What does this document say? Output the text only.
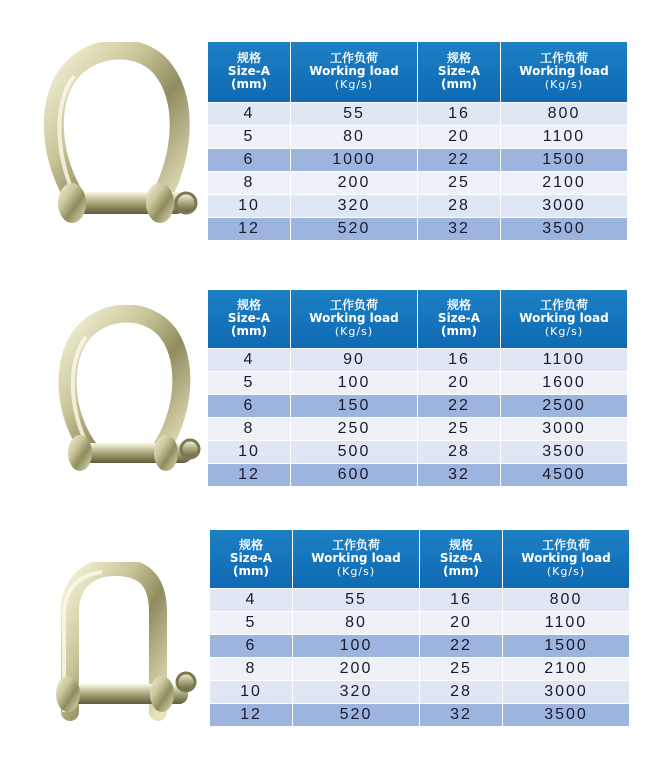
规格
Size-A
(mm)	工作负荷
Working load
(Kg/s)	规格
Size-A
(mm)	工作负荷
Working load
(Kg/s)

4	55	16	800
5	80	20	1100
6	1000	22	1500
8	200	25	2100
10	320	28	3000
12	520	32	3500
规格
Size-A
(mm)	工作负荷
Working load
(Kg/s)	规格
Size-A
(mm)	工作负荷
Working load
(Kg/s)

4	90	16	1100
5	100	20	1600
6	150	22	2500
8	250	25	3000
10	500	28	3500
12	600	32	4500
规格
Size-A
(mm)	工作负荷
Working load
(Kg/s)	规格
Size-A
(mm)	工作负荷
Working load
(Kg/s)

4	55	16	800
5	80	20	1100
6	100	22	1500
8	200	25	2100
10	320	28	3000
12	520	32	3500
